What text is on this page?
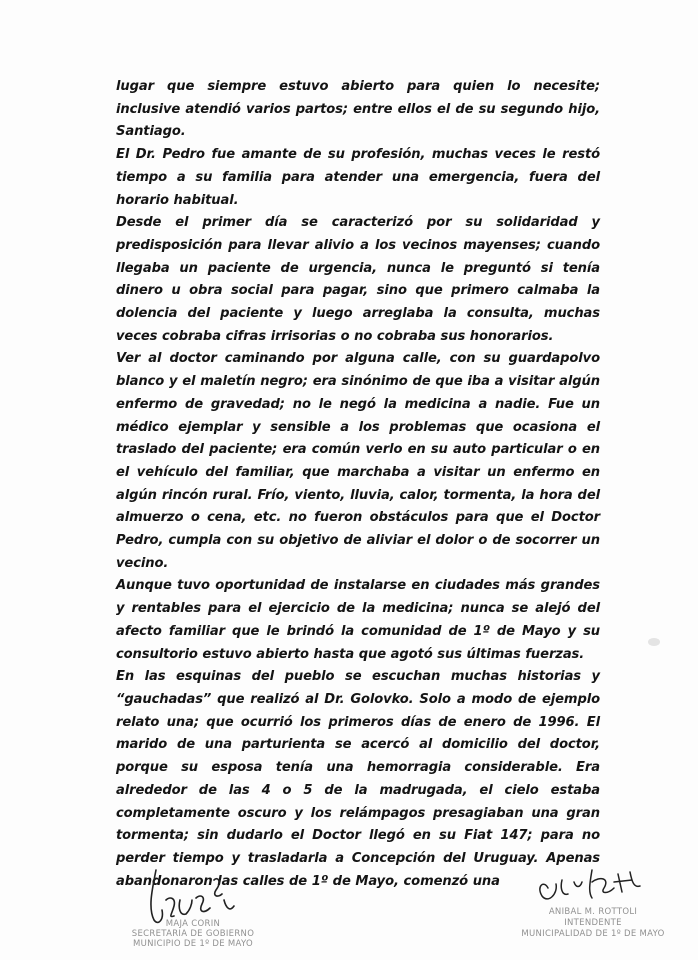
lugar que siempre estuvo abierto para quien lo necesite; inclusive atendió varios partos; entre ellos el de su segundo hijo, Santiago.

El Dr. Pedro fue amante de su profesión, muchas veces le restó tiempo a su familia para atender una emergencia, fuera del horario habitual.

Desde el primer día se caracterizó por su solidaridad y predisposición para llevar alivio a los vecinos mayenses; cuando llegaba un paciente de urgencia, nunca le preguntó si tenía dinero u obra social para pagar, sino que primero calmaba la dolencia del paciente y luego arreglaba la consulta, muchas veces cobraba cifras irrisorias o no cobraba sus honorarios.

Ver al doctor caminando por alguna calle, con su guardapolvo blanco y el maletín negro; era sinónimo de que iba a visitar algún enfermo de gravedad; no le negó la medicina a nadie. Fue un médico ejemplar y sensible a los problemas que ocasiona el traslado del paciente; era común verlo en su auto particular o en el vehículo del familiar, que marchaba a visitar un enfermo en algún rincón rural. Frío, viento, lluvia, calor, tormenta, la hora del almuerzo o cena, etc. no fueron obstáculos para que el Doctor Pedro, cumpla con su objetivo de aliviar el dolor o de socorrer un vecino.

Aunque tuvo oportunidad de instalarse en ciudades más grandes y rentables para el ejercicio de la medicina; nunca se alejó del afecto familiar que le brindó la comunidad de 1º de Mayo y su consultorio estuvo abierto hasta que agotó sus últimas fuerzas.

En las esquinas del pueblo se escuchan muchas historias y “gauchadas” que realizó al Dr. Golovko. Solo a modo de ejemplo relato una; que ocurrió los primeros días de enero de 1996. El marido de una parturienta se acercó al domicilio del doctor, porque su esposa tenía una hemorragia considerable. Era alrededor de las 4 o 5 de la madrugada, el cielo estaba completamente oscuro y los relámpagos presagiaban una gran tormenta; sin dudarlo el Doctor llegó en su Fiat 147; para no perder tiempo y trasladarla a Concepción del Uruguay. Apenas abandonaron las calles de 1º de Mayo, comenzó una

MAJA CORIN
SECRETARIA DE GOBIERNO
MUNICIPIO DE 1º DE MAYO
ANIBAL M. ROTTOLI
INTENDENTE
MUNICIPALIDAD DE 1º DE MAYO
